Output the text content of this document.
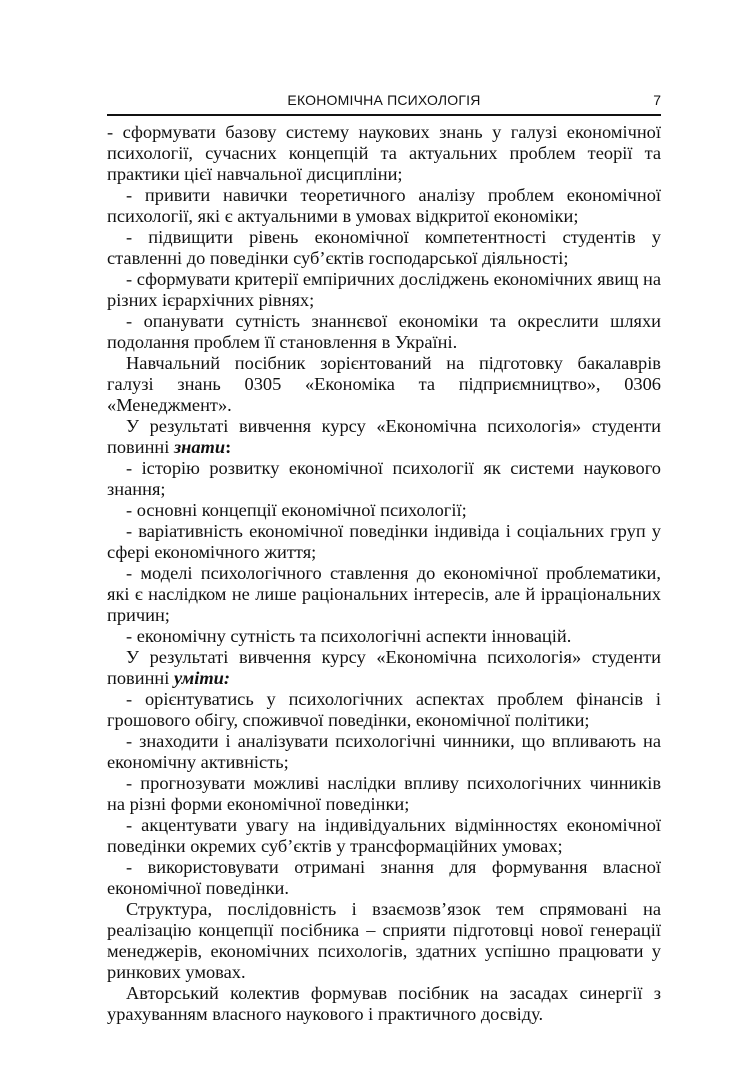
ЕКОНОМІЧНА ПСИХОЛОГІЯ	7

- сформувати базову систему наукових знань у галузі економічної психології, сучасних концепцій та актуальних проблем теорії та практики цієї навчальної дисципліни;

- привити навички теоретичного аналізу проблем економічної психології, які є актуальними в умовах відкритої економіки;

- підвищити рівень економічної компетентності студентів у ставленні до поведінки суб’єктів господарської діяльності;

- сформувати критерії емпіричних досліджень економічних явищ на різних ієрархічних рівнях;

- опанувати сутність знаннєвої економіки та окреслити шляхи подолання проблем її становлення в Україні.

Навчальний посібник зорієнтований на підготовку бакалаврів галузі знань 0305 «Економіка та підприємництво», 0306 «Менеджмент».

У результаті вивчення курсу «Економічна психологія» студенти повинні знати:

- історію розвитку економічної психології як системи наукового знання;

- основні концепції економічної психології;

- варіативність економічної поведінки індивіда і соціальних груп у сфері економічного життя;

- моделі психологічного ставлення до економічної проблематики, які є наслідком не лише раціональних інтересів, але й ірраціональних причин;

- економічну сутність та психологічні аспекти інновацій.

У результаті вивчення курсу «Економічна психологія» студенти повинні уміти:

- орієнтуватись у психологічних аспектах проблем фінансів і грошового обігу, споживчої поведінки, економічної політики;

- знаходити і аналізувати психологічні чинники, що впливають на економічну активність;

- прогнозувати можливі наслідки впливу психологічних чинників на різні форми економічної поведінки;

- акцентувати увагу на індивідуальних відмінностях економічної поведінки окремих суб’єктів у трансформаційних умовах;

- використовувати отримані знання для формування власної економічної поведінки.

Структура, послідовність і взаємозв’язок тем спрямовані на реалізацію концепції посібника – сприяти підготовці нової генерації менеджерів, економічних психологів, здатних успішно працювати у ринкових умовах.

Авторський колектив формував посібник на засадах синергії з урахуванням власного наукового і практичного досвіду.
